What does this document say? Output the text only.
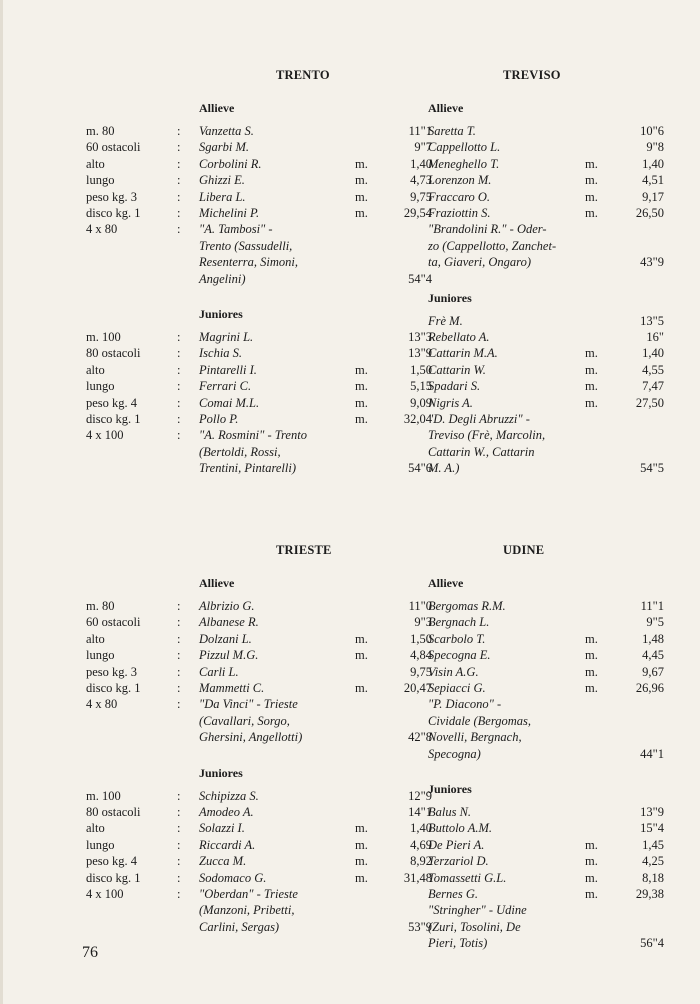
TRENTO
Allieve
m. 80	: Vanzetta S.	11"1
60 ostacoli	: Sgarbi M.	9"7
alto	: Corbolini R.	m.	1,40
lungo	: Ghizzi E.	m.	4,73
peso kg. 3	: Libera L.	m.	9,75
disco kg. 1	: Michelini P.	m.	29,54
4 x 80	: "A. Tambosi" -
Trento (Sassudelli,
Resenterra, Simoni,
Angelini)	54"4
Juniores
m. 100	: Magrini L.	13"3
80 ostacoli	: Ischia S.	13"9
alto	: Pintarelli I.	m.	1,50
lungo	: Ferrari C.	m.	5,15
peso kg. 4	: Comai M.L.	m.	9,09
disco kg. 1	: Pollo P.	m.	32,04
4 x 100	: "A. Rosmini" - Trento
(Bertoldi, Rossi,
Trentini, Pintarelli)	54"6
TREVISO
Allieve
Saretta T.	10"6
Cappellotto L.	9"8
Meneghello T.	m.	1,40
Lorenzon M.	m.	4,51
Fraccaro O.	m.	9,17
Fraziottin S.	m.	26,50
"Brandolini R." - Oder-
zo (Cappellotto, Zanchet-
ta, Giaveri, Ongaro)	43"9
Juniores
Frè M.	13"5
Rebellato A.	16"
Cattarin M.A.	m.	1,40
Cattarin W.	m.	4,55
Spadari S.	m.	7,47
Nigris A.	m.	27,50
"D. Degli Abruzzi" -
Treviso (Frè, Marcolin,
Cattarin W., Cattarin
M. A.)	54"5
TRIESTE
Allieve
m. 80	: Albrizio G.	11"0
60 ostacoli	: Albanese R.	9"3
alto	: Dolzani L.	m.	1,50
lungo	: Pizzul M.G.	m.	4,84
peso kg. 3	: Carli L.	9,75
disco kg. 1	: Mammetti C.	m.	20,47
4 x 80	: "Da Vinci" - Trieste
(Cavallari, Sorgo,
Ghersini, Angellotti)	42"8
Juniores
m. 100	: Schipizza S.	12"9
80 ostacoli	: Amodeo A.	14"1
alto	: Solazzi I.	m.	1,40
lungo	: Riccardi A.	m.	4,69
peso kg. 4	: Zucca M.	m.	8,92
disco kg. 1	: Sodomaco G.	m.	31,48
4 x 100	: "Oberdan" - Trieste
(Manzoni, Pribetti,
Carlini, Sergas)	53"9
UDINE
Allieve
Bergomas R.M.	11"1
Bergnach L.	9"5
Scarbolo T.	m.	1,48
Specogna E.	m.	4,45
Visin A.G.	m.	9,67
Sepiacci G.	m.	26,96
"P. Diacono" -
Cividale (Bergomas,
Novelli, Bergnach,
Specogna)	44"1
Juniores
Balus N.	13"9
Buttolo A.M.	15"4
De Pieri A.	m.	1,45
Terzariol D.	m.	4,25
Tomassetti G.L.	m.	8,18
Bernes G.	m.	29,38
"Stringher" - Udine
(Zuri, Tosolini, De
Pieri, Totis)	56"4
76
